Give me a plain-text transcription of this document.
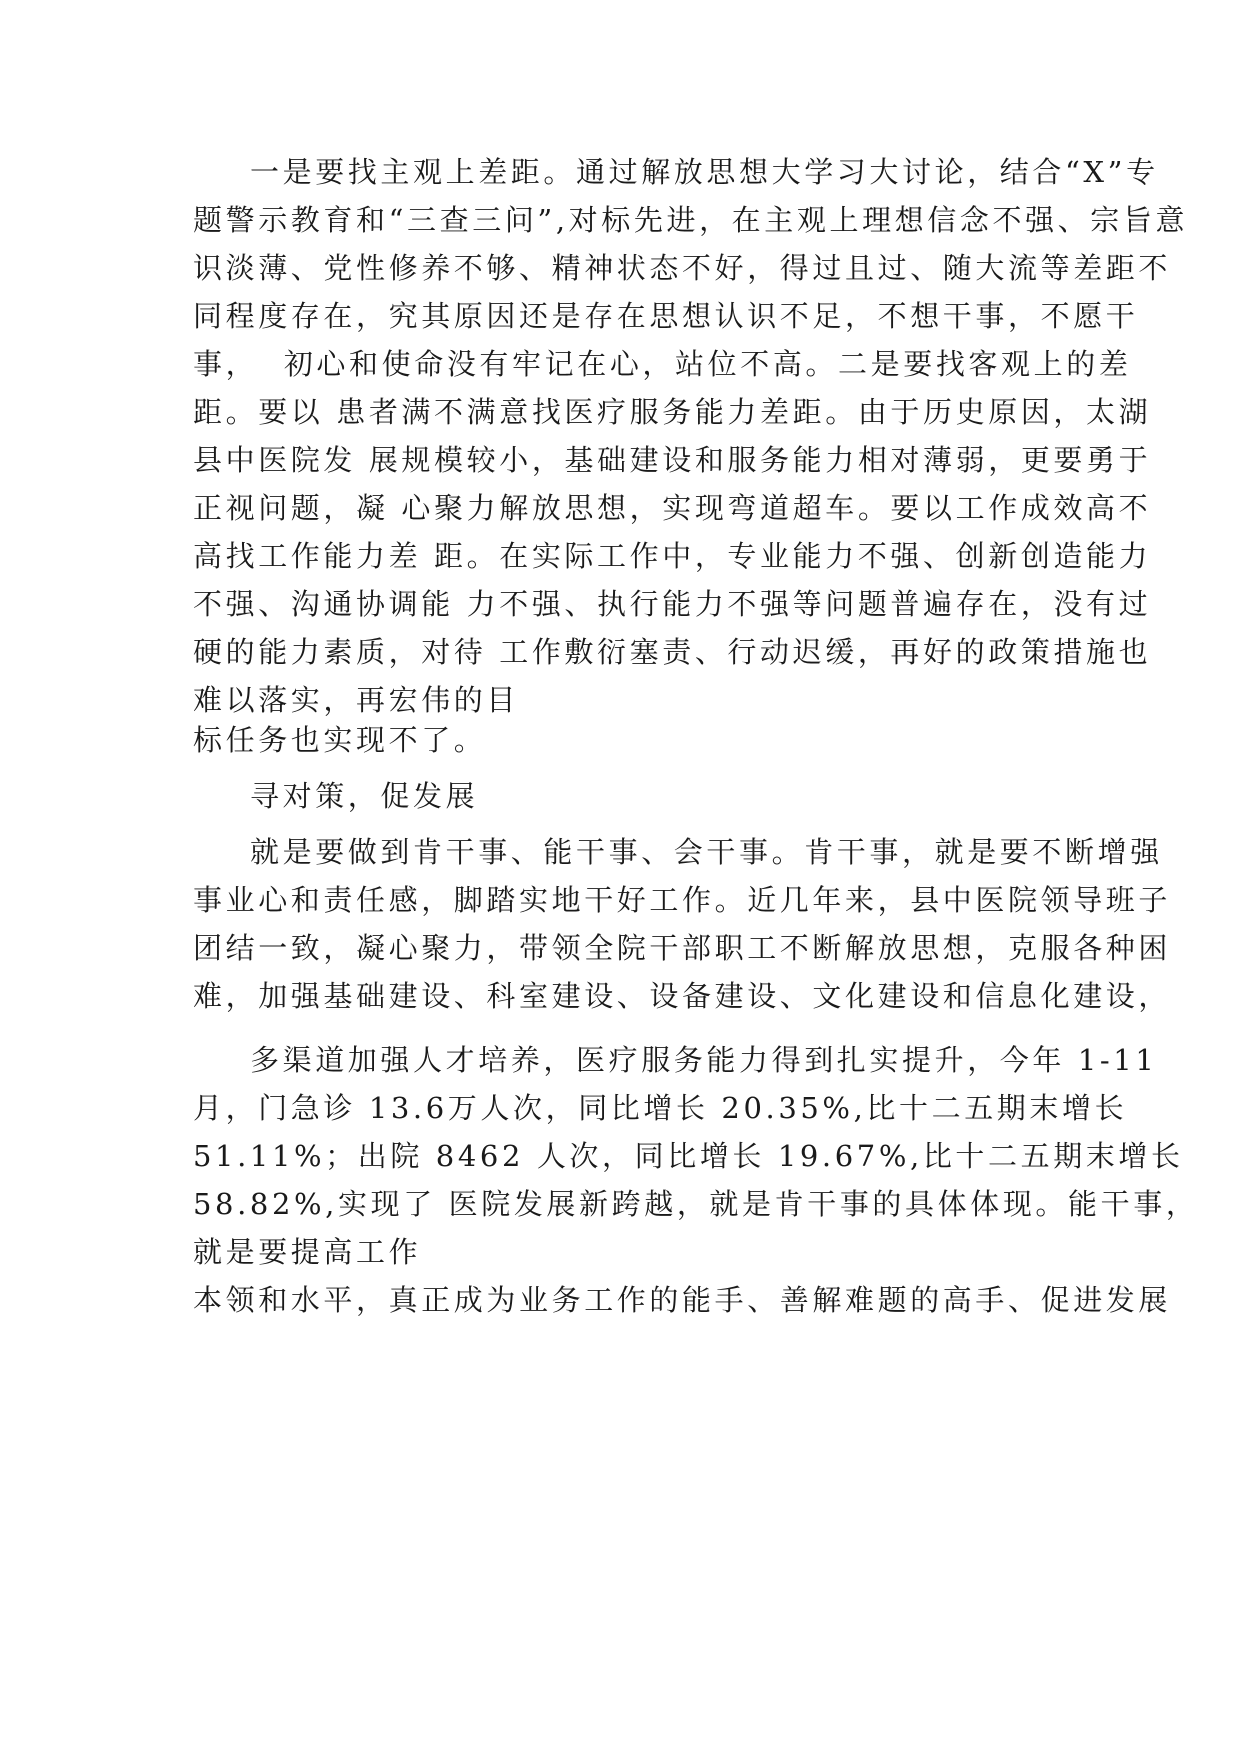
一是要找主观上差距。通过解放思想大学习大讨论，结合“X”专
题警示教育和“三查三问”,对标先进，在主观上理想信念不强、宗旨意
识淡薄、党性修养不够、精神状态不好，得过且过、随大流等差距不
同程度存在，究其原因还是存在思想认识不足，不想干事，不愿干
事，  初心和使命没有牢记在心，站位不高。二是要找客观上的差
距。要以 患者满不满意找医疗服务能力差距。由于历史原因，太湖
县中医院发 展规模较小，基础建设和服务能力相对薄弱，更要勇于
正视问题，凝 心聚力解放思想，实现弯道超车。要以工作成效高不
高找工作能力差 距。在实际工作中，专业能力不强、创新创造能力
不强、沟通协调能 力不强、执行能力不强等问题普遍存在，没有过
硬的能力素质，对待 工作敷衍塞责、行动迟缓，再好的政策措施也
难以落实，再宏伟的目
标任务也实现不了。
寻对策，促发展
就是要做到肯干事、能干事、会干事。肯干事，就是要不断增强
事业心和责任感，脚踏实地干好工作。近几年来，县中医院领导班子
团结一致，凝心聚力，带领全院干部职工不断解放思想，克服各种困
难，加强基础建设、科室建设、设备建设、文化建设和信息化建设，
多渠道加强人才培养，医疗服务能力得到扎实提升，今年 1-11
月，门急诊 13.6万人次，同比增长 20.35%,比十二五期末增长
51.11%；出院 8462 人次，同比增长 19.67%,比十二五期末增长
58.82%,实现了 医院发展新跨越，就是肯干事的具体体现。能干事，
就是要提高工作
本领和水平，真正成为业务工作的能手、善解难题的高手、促进发展
